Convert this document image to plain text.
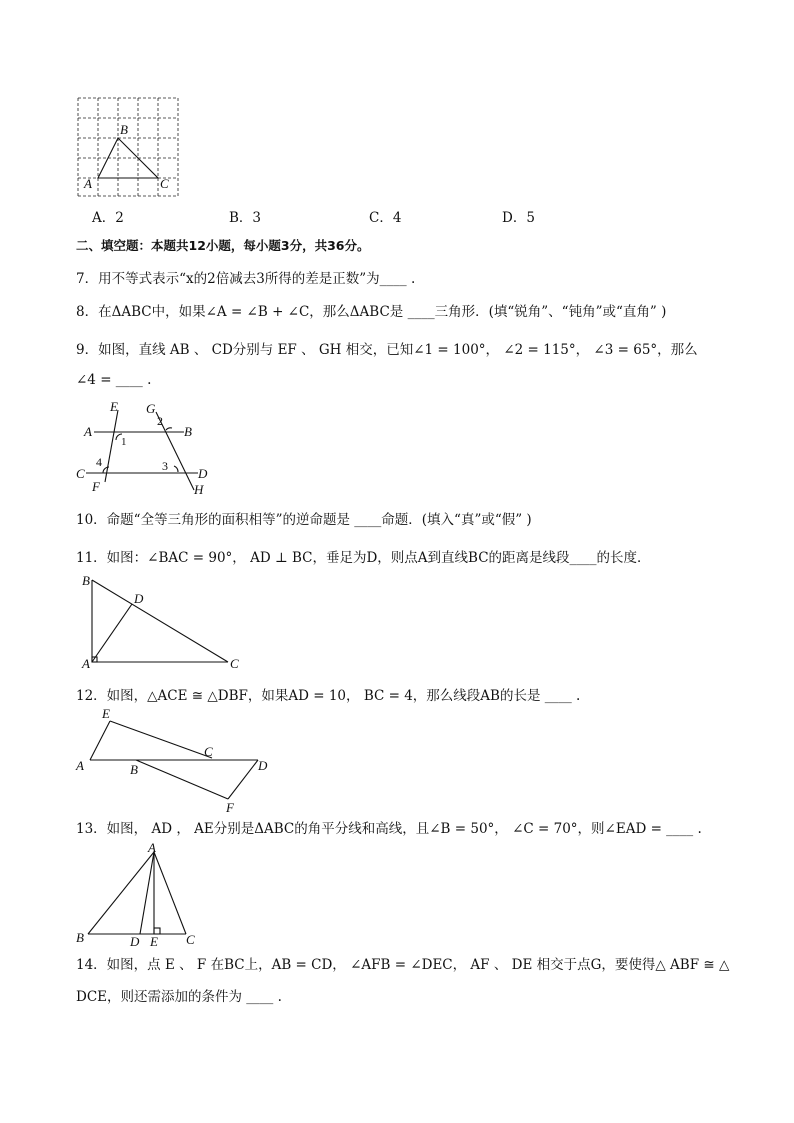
B
A	C
A．2	B．3	C．4	D．5
二、填空题：本题共12小题，每小题3分，共36分。
7．用不等式表示“x的2倍减去3所得的差是正数”为____ .
8．在ΔABC中，如果∠A = ∠B + ∠C，那么ΔABC是 ____三角形．(填“锐角”、“钝角”或“直角” )
9．如图，直线 AB 、 CD分别与 EF 、 GH 相交，已知∠1 = 100°， ∠2 = 115°， ∠3 = 65°，那么
∠4 = ____ .
E G
2
A
1
B
4	3
C	D
F	H
10．命题“全等三角形的面积相等”的逆命题是 ____命题．(填入“真”或“假” )
11．如图：∠BAC = 90°， AD ⊥ BC，垂足为D，则点A到直线BC的距离是线段____的长度．
B
D
A	C
12．如图，△ACE ≅ △DBF，如果AD = 10， BC = 4，那么线段AB的长是 ____ .
E
C
A	B	D
F
13．如图， AD ， AE分别是ΔABC的角平分线和高线，且∠B = 50°， ∠C = 70°，则∠EAD = ____ .
A
B	D E C
14．如图，点 E 、 F 在BC上，AB = CD， ∠AFB = ∠DEC， AF 、 DE 相交于点G，要使得△ ABF ≅ △
DCE，则还需添加的条件为 ____ .
